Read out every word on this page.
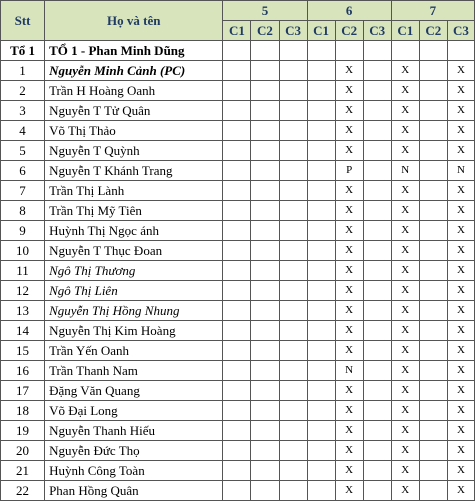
Stt	Họ và tên	5			6			7		
		C1	C2	C3	C1	C2	C3	C1	C2	C3
Tổ 1	TỔ 1 - Phan Minh Dũng									
1	Nguyễn Minh Cảnh (PC)					X		X		X
2	Trần H Hoàng Oanh					X		X		X
3	Nguyễn T Tử Quân					X		X		X
4	Võ Thị Thảo					X		X		X
5	Nguyễn T Quỳnh					X		X		X
6	Nguyễn T Khánh Trang					P		N		N
7	Trần Thị Lành					X		X		X
8	Trần Thị Mỹ Tiên					X		X		X
9	Huỳnh Thị Ngọc ánh					X		X		X
10	Nguyễn T Thục Đoan					X		X		X
11	Ngô Thị Thương					X		X		X
12	Ngô Thị Liên					X		X		X
13	Nguyễn Thị Hồng Nhung					X		X		X
14	Nguyễn Thị Kim Hoàng					X		X		X
15	Trần Yến Oanh					X		X		X
16	Trần Thanh Nam					N		X		X
17	Đặng Văn Quang					X		X		X
18	Võ Đại Long					X		X		X
19	Nguyễn Thanh Hiếu					X		X		X
20	Nguyễn Đức Thọ					X		X		X
21	Huỳnh Công Toàn					X		X		X
22	Phan Hồng Quân					X		X		X
